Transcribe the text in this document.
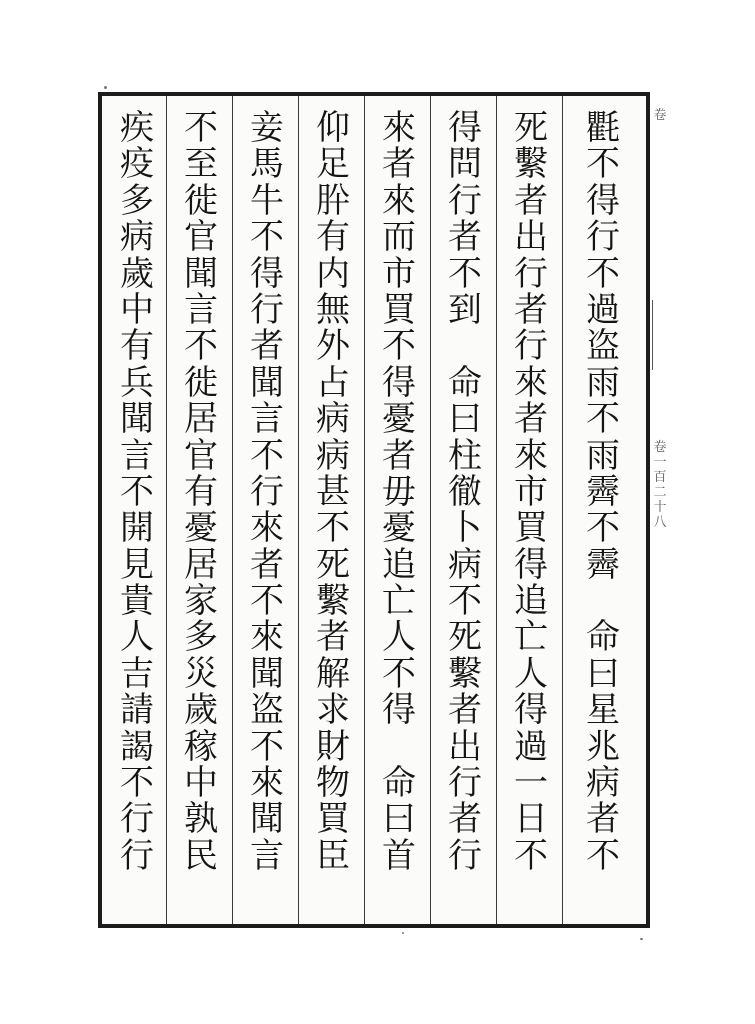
疾
疫
多
病
歲
中
有
兵
聞
言
不
開
見
貴
人
吉
請
謁
不
行
行
不
至
徙
官
聞
言
不
徙
居
官
有
憂
居
家
多
災
歲
稼
中
孰
民
妾
馬
牛
不
得
行
者
聞
言
不
行
來
者
不
來
聞
盗
不
來
聞
言
仰
足
肸
有
内
無
外
占
病
病
甚
不
死
繫
者
解
求
財
物
買
臣
來
者
來
而
市
買
不
得
憂
者
毋
憂
追
亡
人
不
得

命
曰
首
得
問
行
者
不
到

命
曰
柱
徹
卜
病
不
死
繫
者
出
行
者
行
死
繫
者
出
行
者
行
來
者
來
市
買
得
追
亡
人
得
過
一
日
不
氍
不
得
行
不
過
盗
雨
不
雨
霽
不
霽

命
曰
星
兆
病
者
不
卷
卷一百二十八
